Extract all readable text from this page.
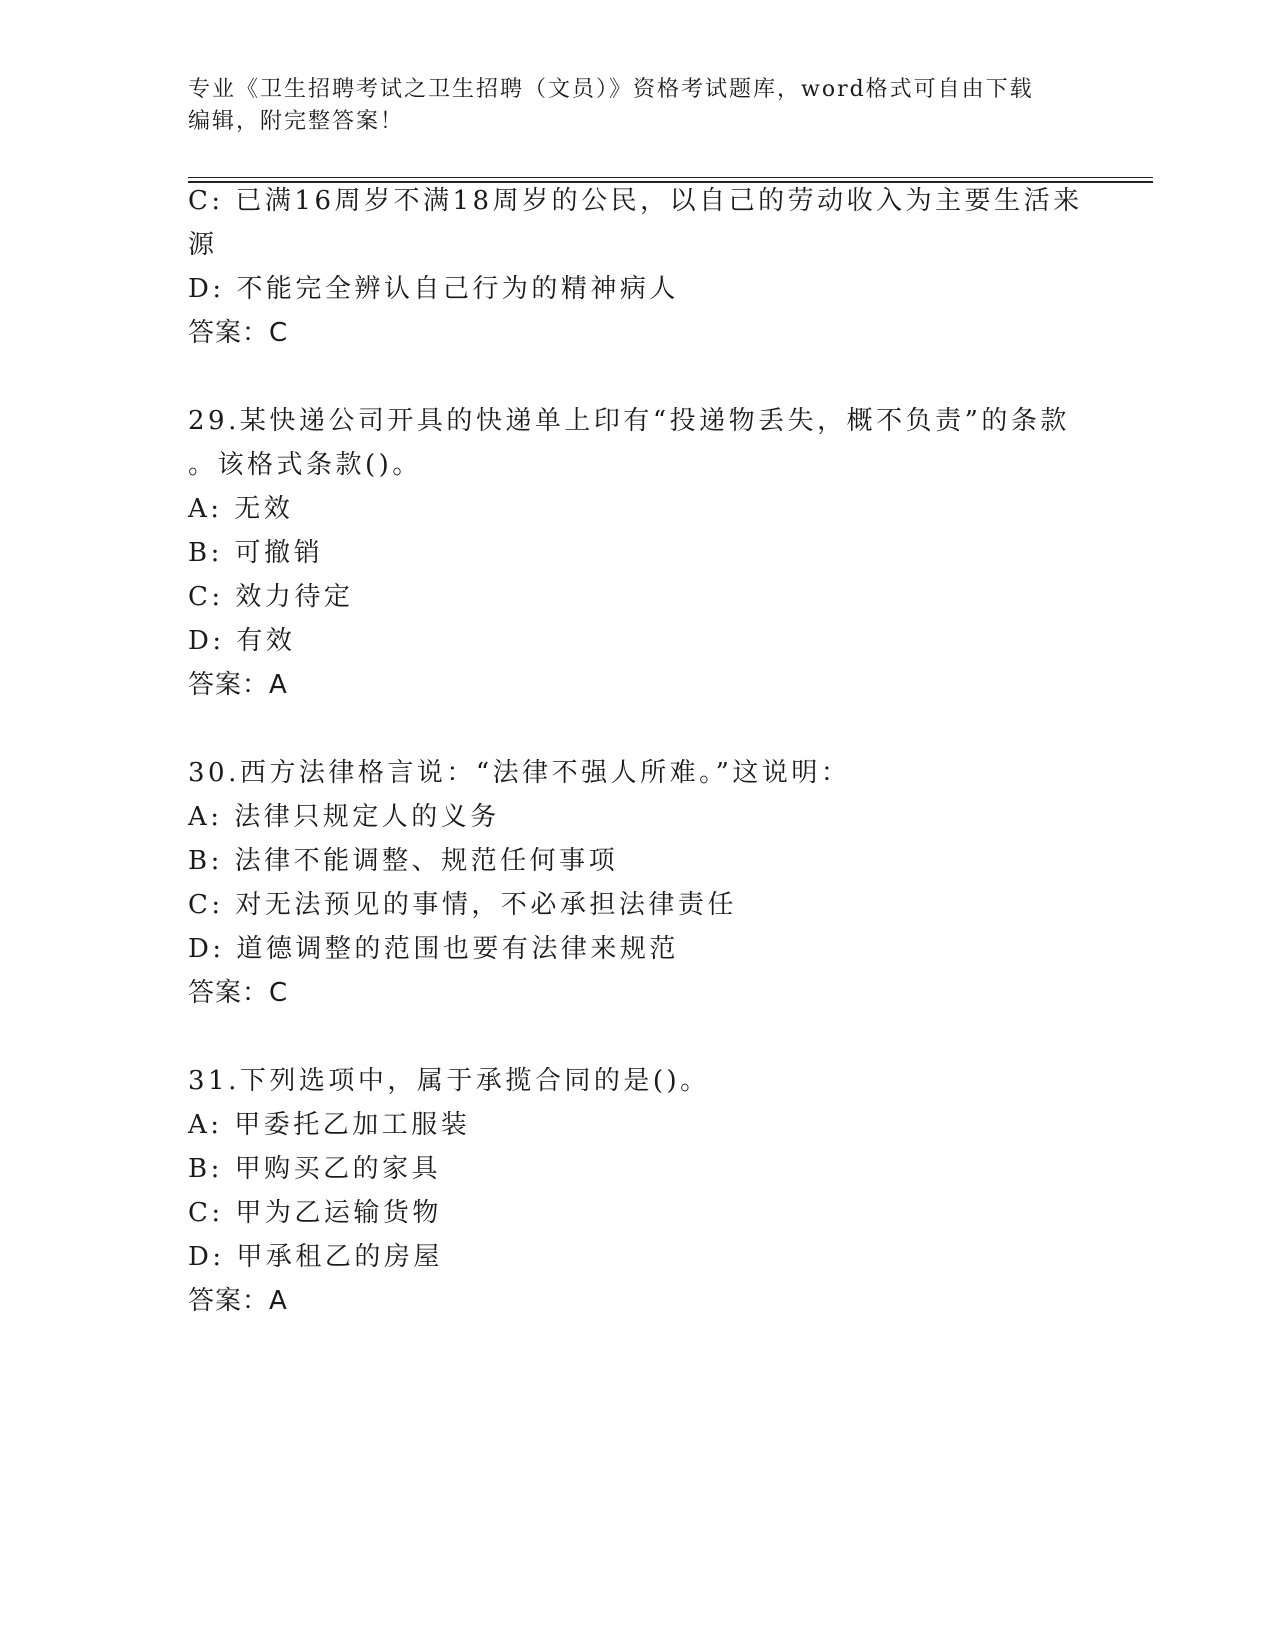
专业《卫生招聘考试之卫生招聘（文员）》资格考试题库，word格式可自由下载
编辑，附完整答案！
C: 已满16周岁不满18周岁的公民，以自己的劳动收入为主要生活来
源
D: 不能完全辨认自己行为的精神病人
答案：C
29.某快递公司开具的快递单上印有“投递物丢失，概不负责”的条款
。该格式条款()。
A: 无效
B: 可撤销
C: 效力待定
D: 有效
答案：A
30.西方法律格言说：“法律不强人所难。”这说明：
A: 法律只规定人的义务
B: 法律不能调整、规范任何事项
C: 对无法预见的事情，不必承担法律责任
D: 道德调整的范围也要有法律来规范
答案：C
31.下列选项中，属于承揽合同的是()。
A: 甲委托乙加工服装
B: 甲购买乙的家具
C: 甲为乙运输货物
D: 甲承租乙的房屋
答案：A
